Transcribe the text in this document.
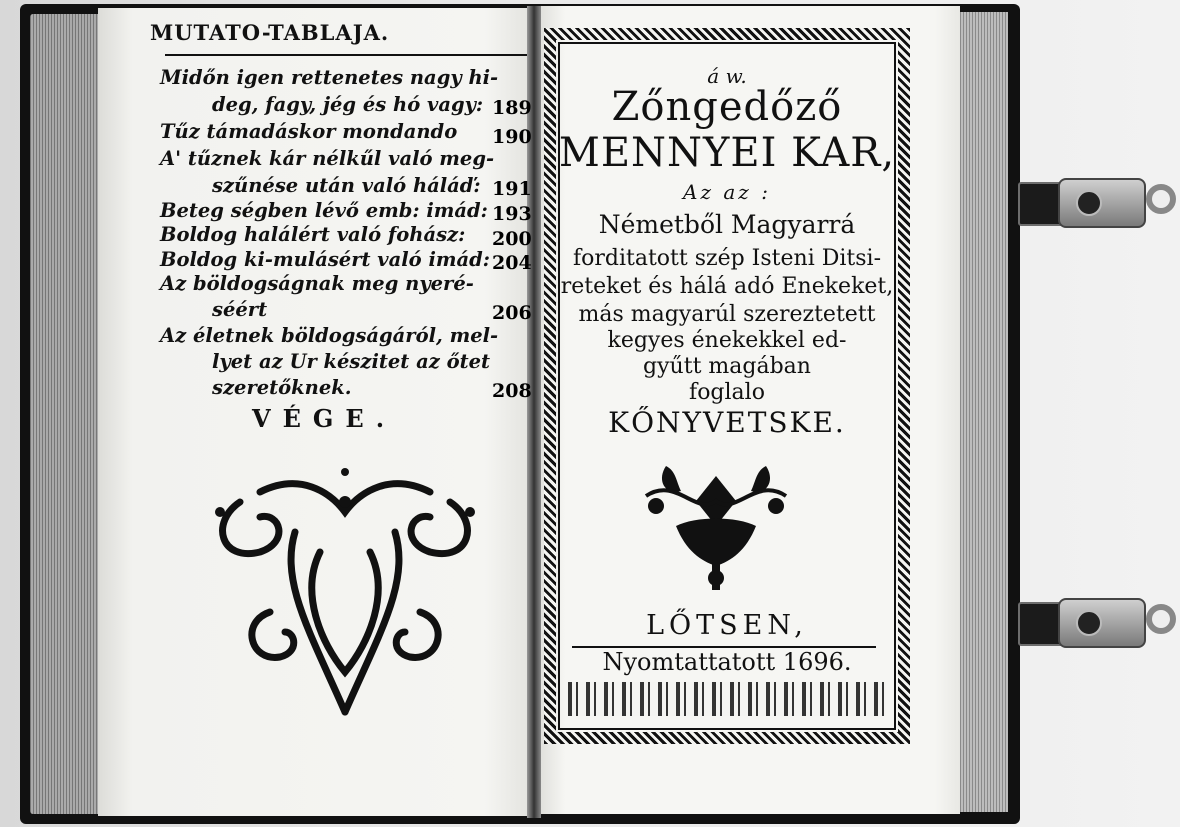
MUTATO-TABLAJA.
Midőn igen rettenetes nagy hi-
deg, fagy, jég és hó vagy: 189
Tűz támadáskor mondando 190
A' tűznek kár nélkűl való meg-
szűnése után való háláď: 191
Beteg ségben lévő emb: imád: 193
Boldog halálért való fohász: 200
Boldog ki-mulásért való imád: 204
Az böldogságnak meg nyeré-
séért	206
Az életnek böldogságáról, mel-
lyet az Ur készitet az őtet
szeretőknek.	208
VÉGE.
á w.
Zőngedőző
MENNYEI KAR,
Az az :
Németből Magyarrá
forditatott szép Isteni Ditsi-
reteket és hálá adó Enekeket,
más magyarúl szereztetett
kegyes énekekkel ed-
gyűtt magában
foglalo
KŐNYVETSKE.
LŐTSEN,
Nyomtattatott 1696.
